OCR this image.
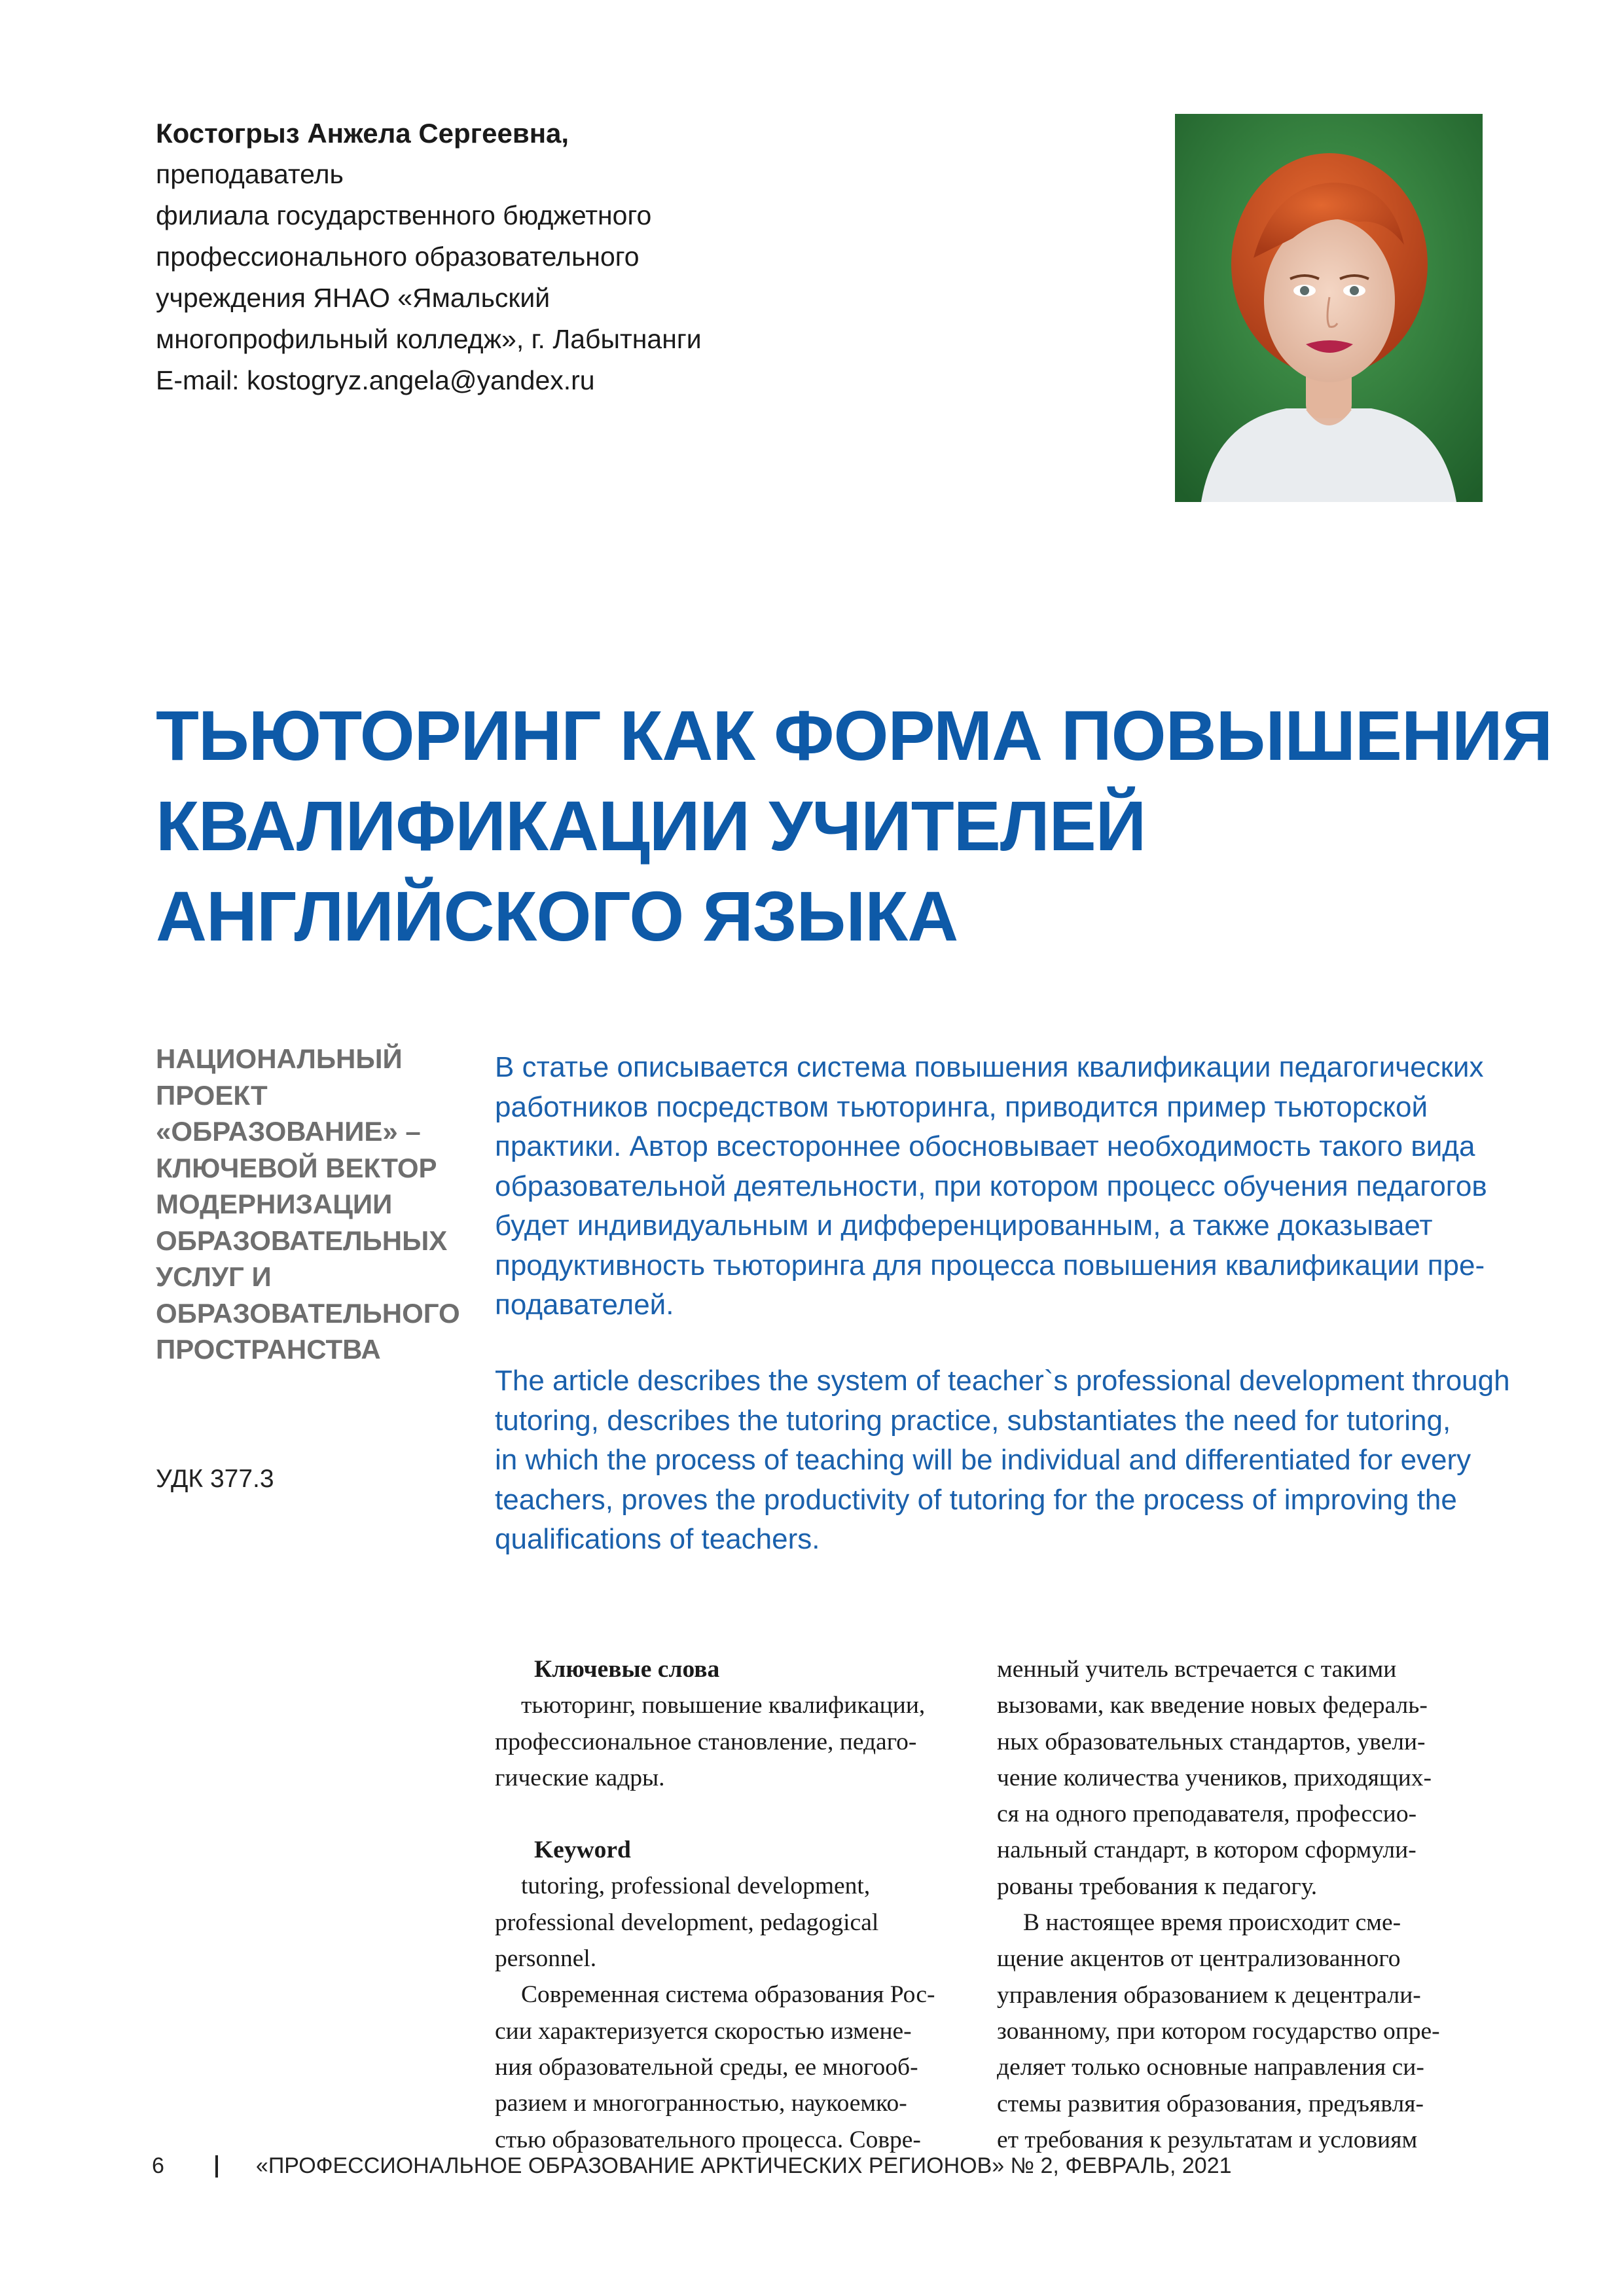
Костогрыз Анжела Сергеевна,
преподаватель
филиала государственного бюджетного
профессионального образовательного
учреждения ЯНАО «Ямальский
многопрофильный колледж», г. Лабытнанги
E-mail: kostogryz.angela@yandex.ru
ТЬЮТОРИНГ КАК ФОРМА ПОВЫШЕНИЯ
КВАЛИФИКАЦИИ УЧИТЕЛЕЙ
АНГЛИЙСКОГО ЯЗЫКА
НАЦИОНАЛЬНЫЙ
ПРОЕКТ
«ОБРАЗОВАНИЕ» –
КЛЮЧЕВОЙ ВЕКТОР
МОДЕРНИЗАЦИИ
ОБРАЗОВАТЕЛЬНЫХ
УСЛУГ И
ОБРАЗОВАТЕЛЬНОГО
ПРОСТРАНСТВА
УДК 377.3
В статье описывается система повышения квалификации педагогических
работников посредством тьюторинга, приводится пример тьюторской
практики. Автор всестороннее обосновывает необходимость такого вида
образовательной деятельности, при котором процесс обучения педагогов
будет индивидуальным и дифференцированным, а также доказывает
продуктивность тьюторинга для процесса повышения квалификации пре-
подавателей.
The article describes the system of teacher`s professional development through
tutoring, describes the tutoring practice, substantiates the need for tutoring,
in which the process of teaching will be individual and differentiated for every
teachers, proves the productivity of tutoring for the process of improving the
qualifications of teachers.
Ключевые слова
тьюторинг, повышение квалификации,
профессиональное становление, педаго-
гические кадры.
Keyword
tutoring, professional development,
professional development, pedagogical
personnel.
Современная система образования Рос-
сии характеризуется скоростью измене-
ния образовательной среды, ее многооб-
разием и многогранностью, наукоемко-
стью образовательного процесса. Совре-
менный учитель встречается с такими
вызовами, как введение новых федераль-
ных образовательных стандартов, увели-
чение количества учеников, приходящих-
ся на одного преподавателя, профессио-
нальный стандарт, в котором сформули-
рованы требования к педагогу.
В настоящее время происходит сме-
щение акцентов от централизованного
управления образованием к децентрали-
зованному, при котором государство опре-
деляет только основные направления си-
стемы развития образования, предъявля-
ет требования к результатам и условиям
6	«ПРОФЕССИОНАЛЬНОЕ ОБРАЗОВАНИЕ АРКТИЧЕСКИХ РЕГИОНОВ» № 2, ФЕВРАЛЬ, 2021
